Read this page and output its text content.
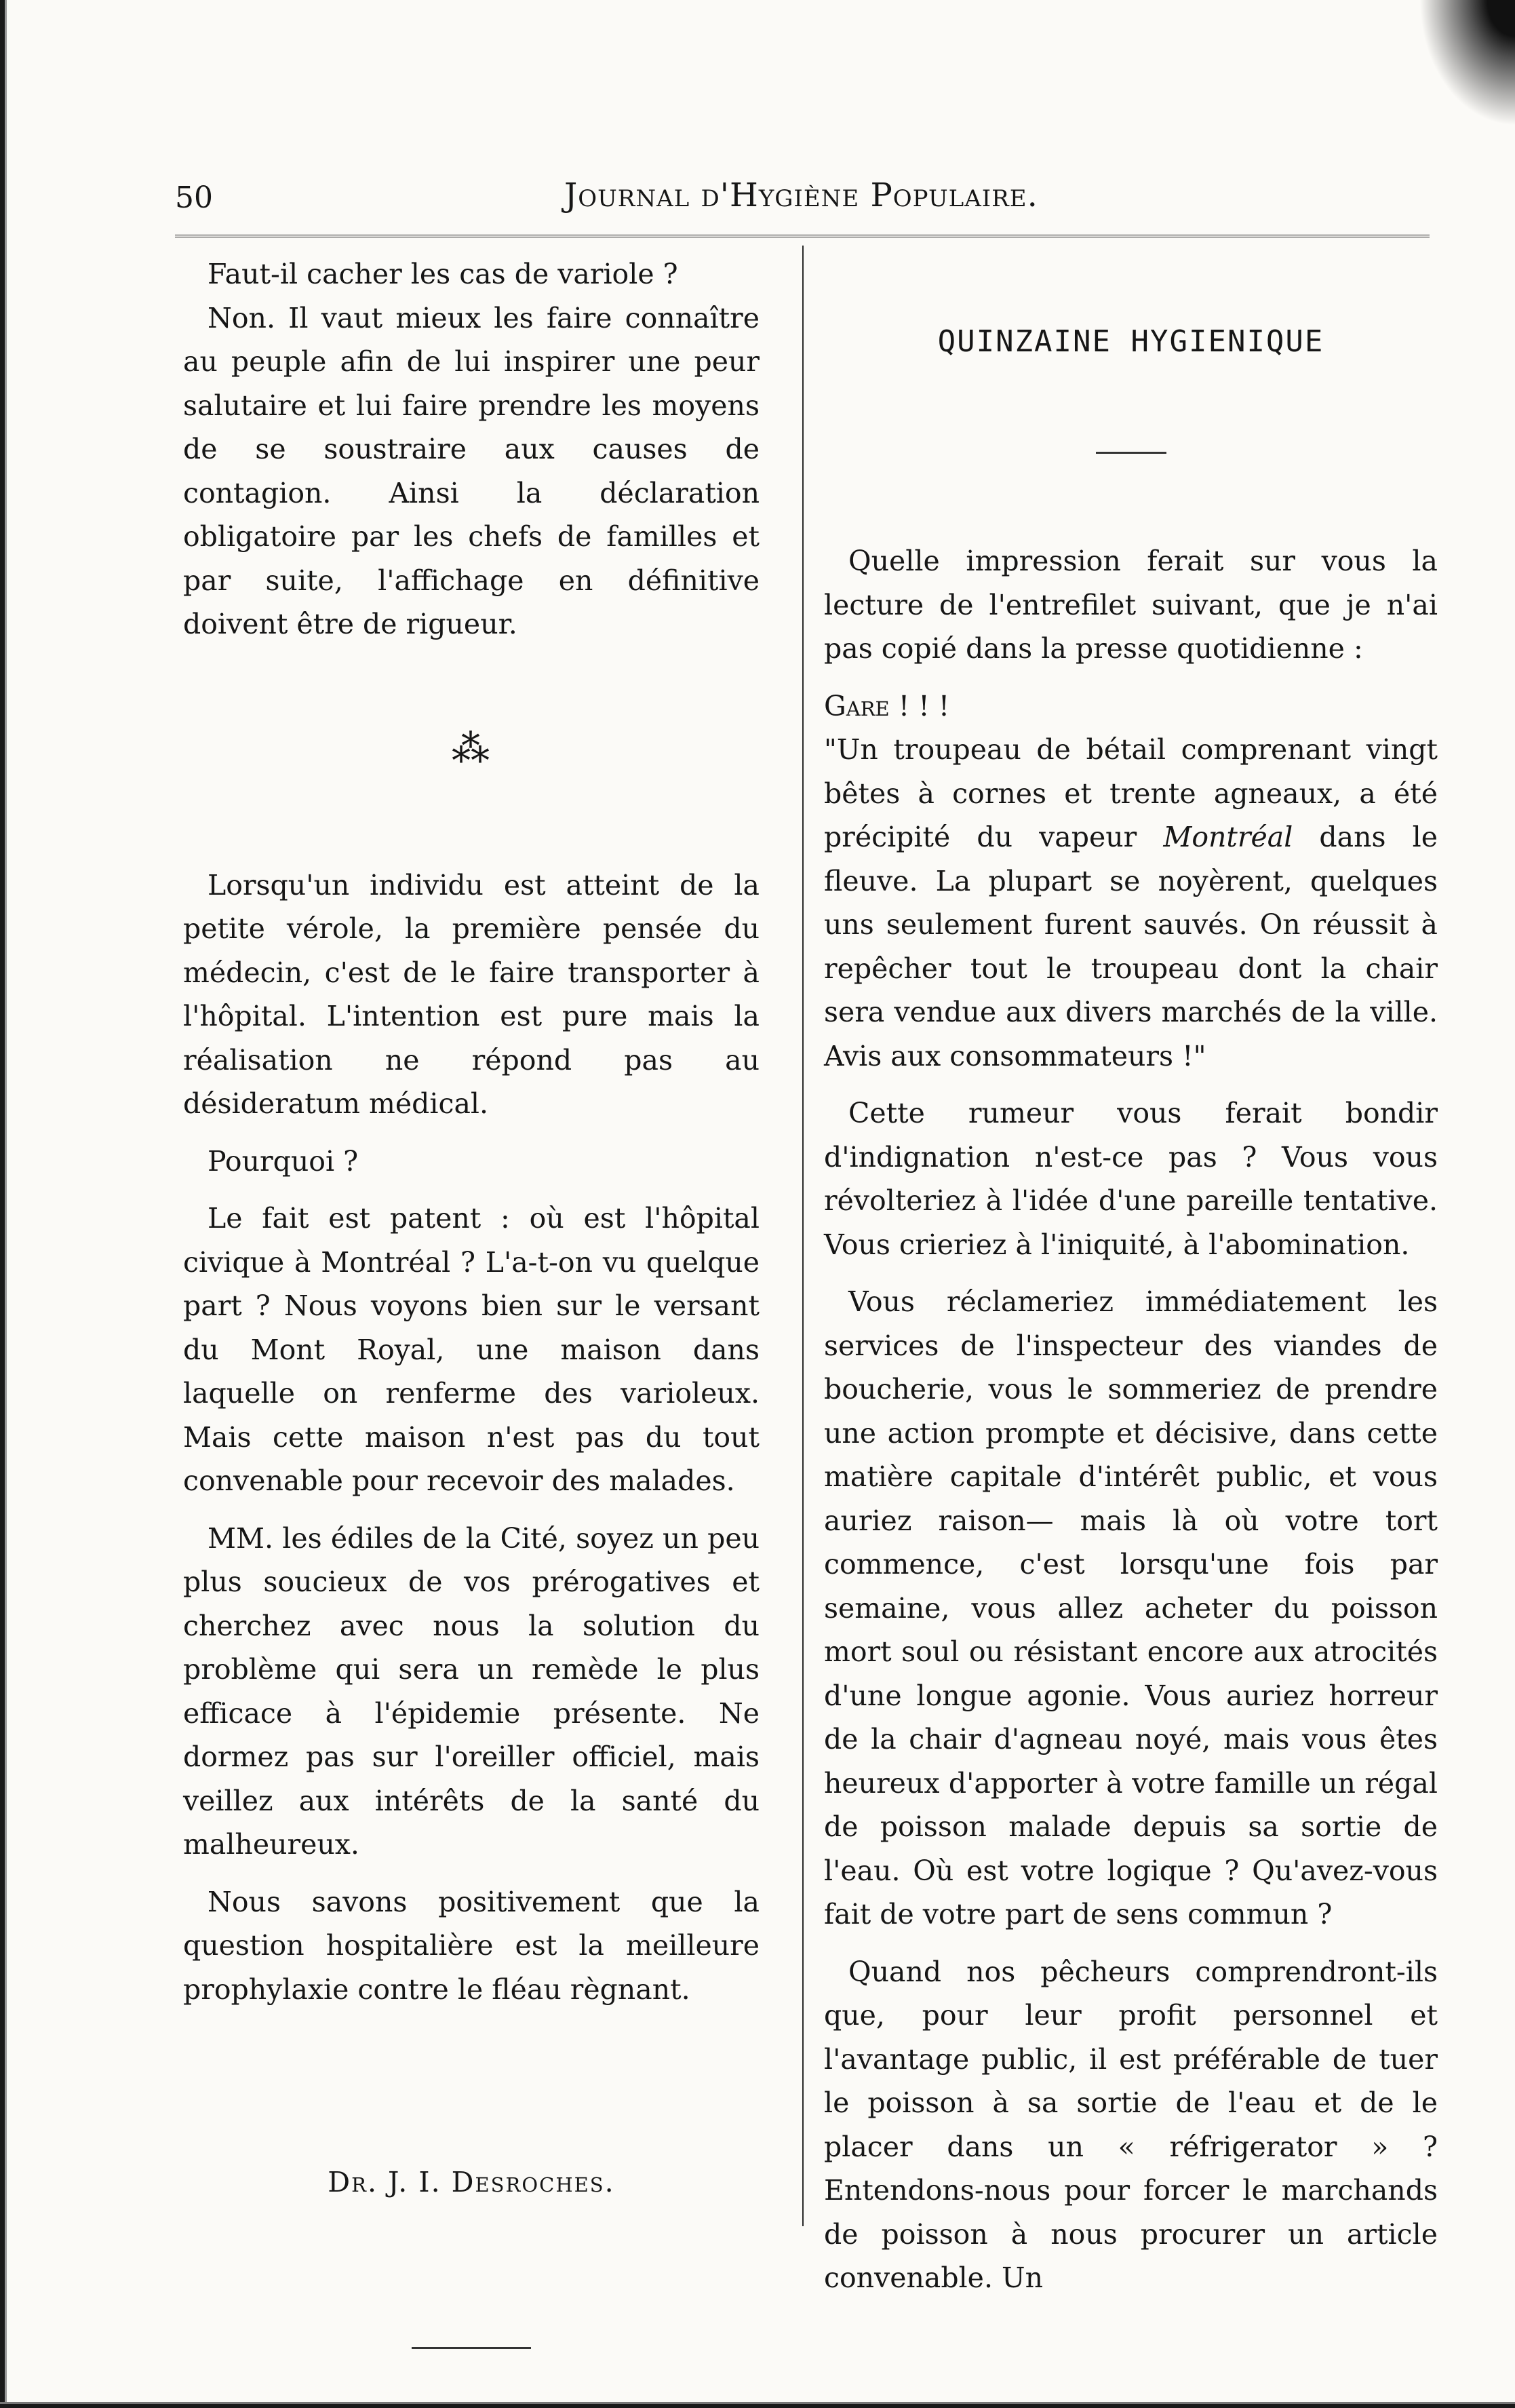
50	Journal d'Hygiène Populaire.

Faut-il cacher les cas de variole ?

Non. Il vaut mieux les faire connaître au peuple afin de lui inspirer une peur salutaire et lui faire prendre les moyens de se soustraire aux causes de contagion. Ainsi la déclaration obligatoire par les chefs de familles et par suite, l'affichage en définitive doivent être de rigueur.

⁂

Lorsqu'un individu est atteint de la petite vérole, la première pensée du médecin, c'est de le faire transporter à l'hôpital. L'intention est pure mais la réalisation ne répond pas au désideratum médical.

Pourquoi ?

Le fait est patent : où est l'hôpital civique à Montréal ? L'a-t-on vu quelque part ? Nous voyons bien sur le versant du Mont Royal, une maison dans laquelle on renferme des varioleux. Mais cette maison n'est pas du tout convenable pour recevoir des malades.

MM. les édiles de la Cité, soyez un peu plus soucieux de vos prérogatives et cherchez avec nous la solution du problème qui sera un remède le plus efficace à l'épidemie présente. Ne dormez pas sur l'oreiller officiel, mais veillez aux intérêts de la santé du malheureux.

Nous savons positivement que la question hospitalière est la meilleure prophylaxie contre le fléau règnant.

Dr. J. I. Desroches.
QUINZAINE HYGIENIQUE

Quelle impression ferait sur vous la lecture de l'entrefilet suivant, que je n'ai pas copié dans la presse quotidienne :

Gare ! ! !

"Un troupeau de bétail comprenant vingt bêtes à cornes et trente agneaux, a été précipité du vapeur Montréal dans le fleuve. La plupart se noyèrent, quelques uns seulement furent sauvés. On réussit à repêcher tout le troupeau dont la chair sera vendue aux divers marchés de la ville. Avis aux consommateurs !"

Cette rumeur vous ferait bondir d'indignation n'est-ce pas ? Vous vous révolteriez à l'idée d'une pareille tentative. Vous crieriez à l'iniquité, à l'abomination.

Vous réclameriez immédiatement les services de l'inspecteur des viandes de boucherie, vous le sommeriez de prendre une action prompte et décisive, dans cette matière capitale d'intérêt public, et vous auriez raison— mais là où votre tort commence, c'est lorsqu'une fois par semaine, vous allez acheter du poisson mort soul ou résistant encore aux atrocités d'une longue agonie. Vous auriez horreur de la chair d'agneau noyé, mais vous êtes heureux d'apporter à votre famille un régal de poisson malade depuis sa sortie de l'eau. Où est votre logique ? Qu'avez-vous fait de votre part de sens commun ?

Quand nos pêcheurs comprendront-ils que, pour leur profit personnel et l'avantage public, il est préférable de tuer le poisson à sa sortie de l'eau et de le placer dans un « réfrigerator » ? Entendons-nous pour forcer le marchands de poisson à nous procurer un article convenable. Un
